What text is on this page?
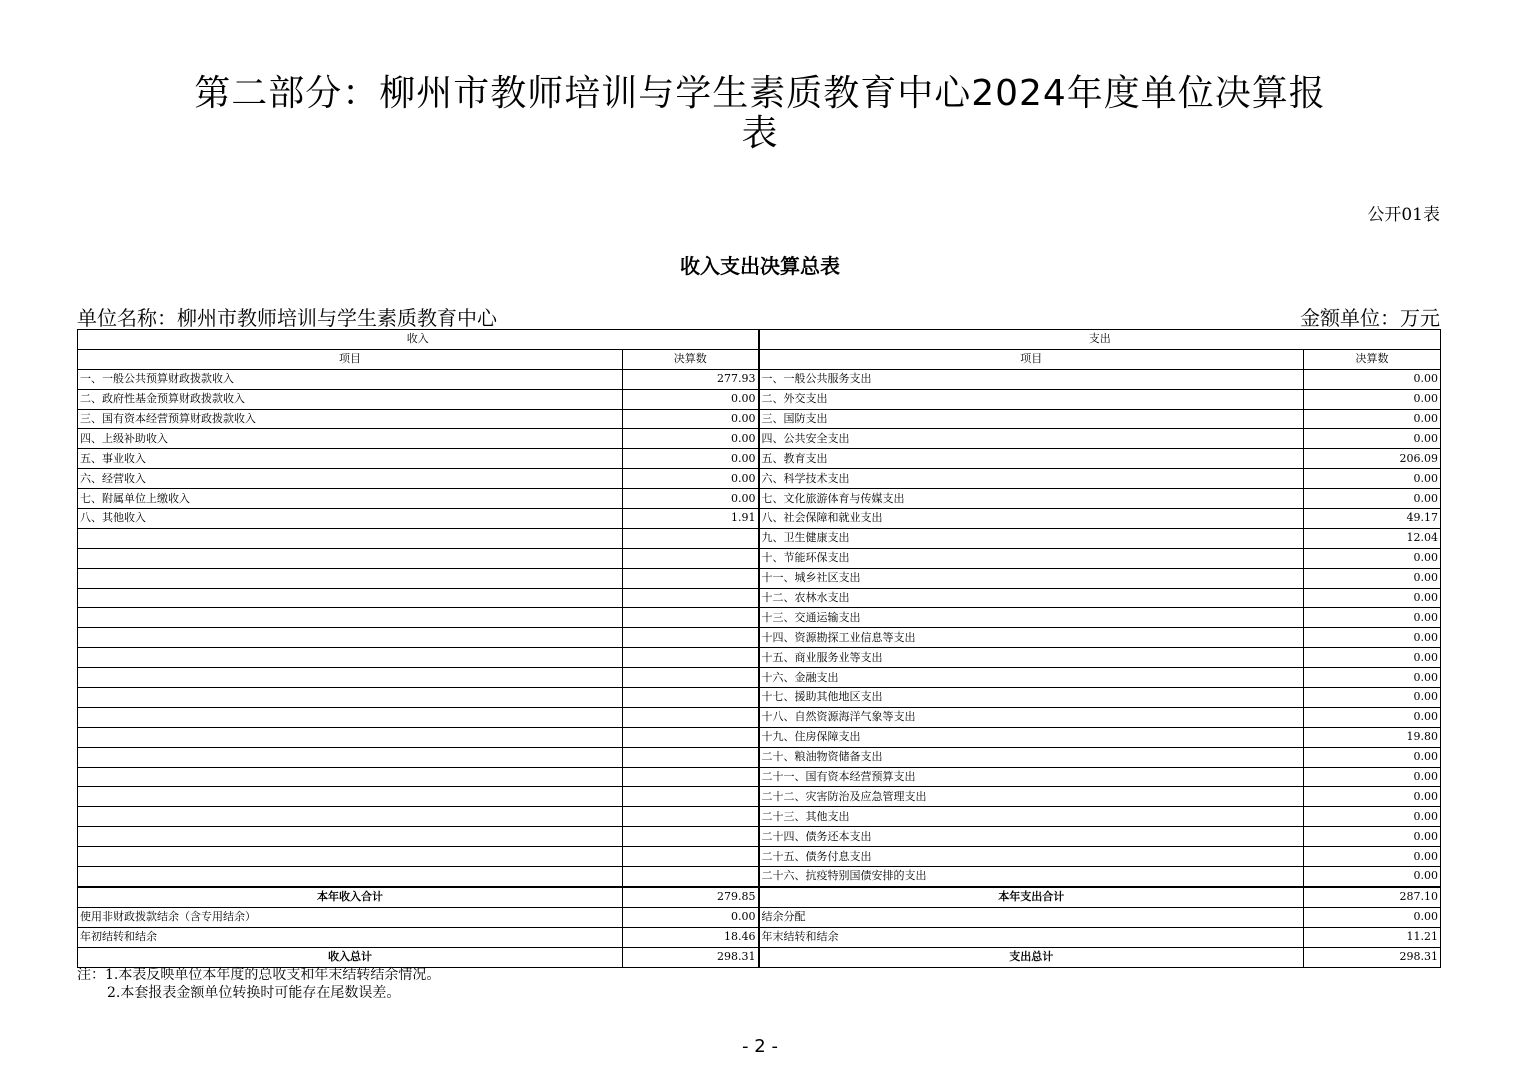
第二部分：柳州市教师培训与学生素质教育中心2024年度单位决算报
表
公开01表
收入支出决算总表
单位名称：柳州市教师培训与学生素质教育中心	金额单位：万元
收入		支出	
项目	决算数	项目	决算数
一、一般公共预算财政拨款收入	277.93	一、一般公共服务支出	0.00
二、政府性基金预算财政拨款收入	0.00	二、外交支出	0.00
三、国有资本经营预算财政拨款收入	0.00	三、国防支出	0.00
四、上级补助收入	0.00	四、公共安全支出	0.00
五、事业收入	0.00	五、教育支出	206.09
六、经营收入	0.00	六、科学技术支出	0.00
七、附属单位上缴收入	0.00	七、文化旅游体育与传媒支出	0.00
八、其他收入	1.91	八、社会保障和就业支出	49.17
		九、卫生健康支出	12.04
		十、节能环保支出	0.00
		十一、城乡社区支出	0.00
		十二、农林水支出	0.00
		十三、交通运输支出	0.00
		十四、资源勘探工业信息等支出	0.00
		十五、商业服务业等支出	0.00
		十六、金融支出	0.00
		十七、援助其他地区支出	0.00
		十八、自然资源海洋气象等支出	0.00
		十九、住房保障支出	19.80
		二十、粮油物资储备支出	0.00
		二十一、国有资本经营预算支出	0.00
		二十二、灾害防治及应急管理支出	0.00
		二十三、其他支出	0.00
		二十四、债务还本支出	0.00
		二十五、债务付息支出	0.00
		二十六、抗疫特别国债安排的支出	0.00
本年收入合计	279.85	本年支出合计	287.10
使用非财政拨款结余（含专用结余）	0.00	结余分配	0.00
年初结转和结余	18.46	年末结转和结余	11.21
收入总计	298.31	支出总计	298.31
注：1.本表反映单位本年度的总收支和年末结转结余情况。
2.本套报表金额单位转换时可能存在尾数误差。
- 2 -
